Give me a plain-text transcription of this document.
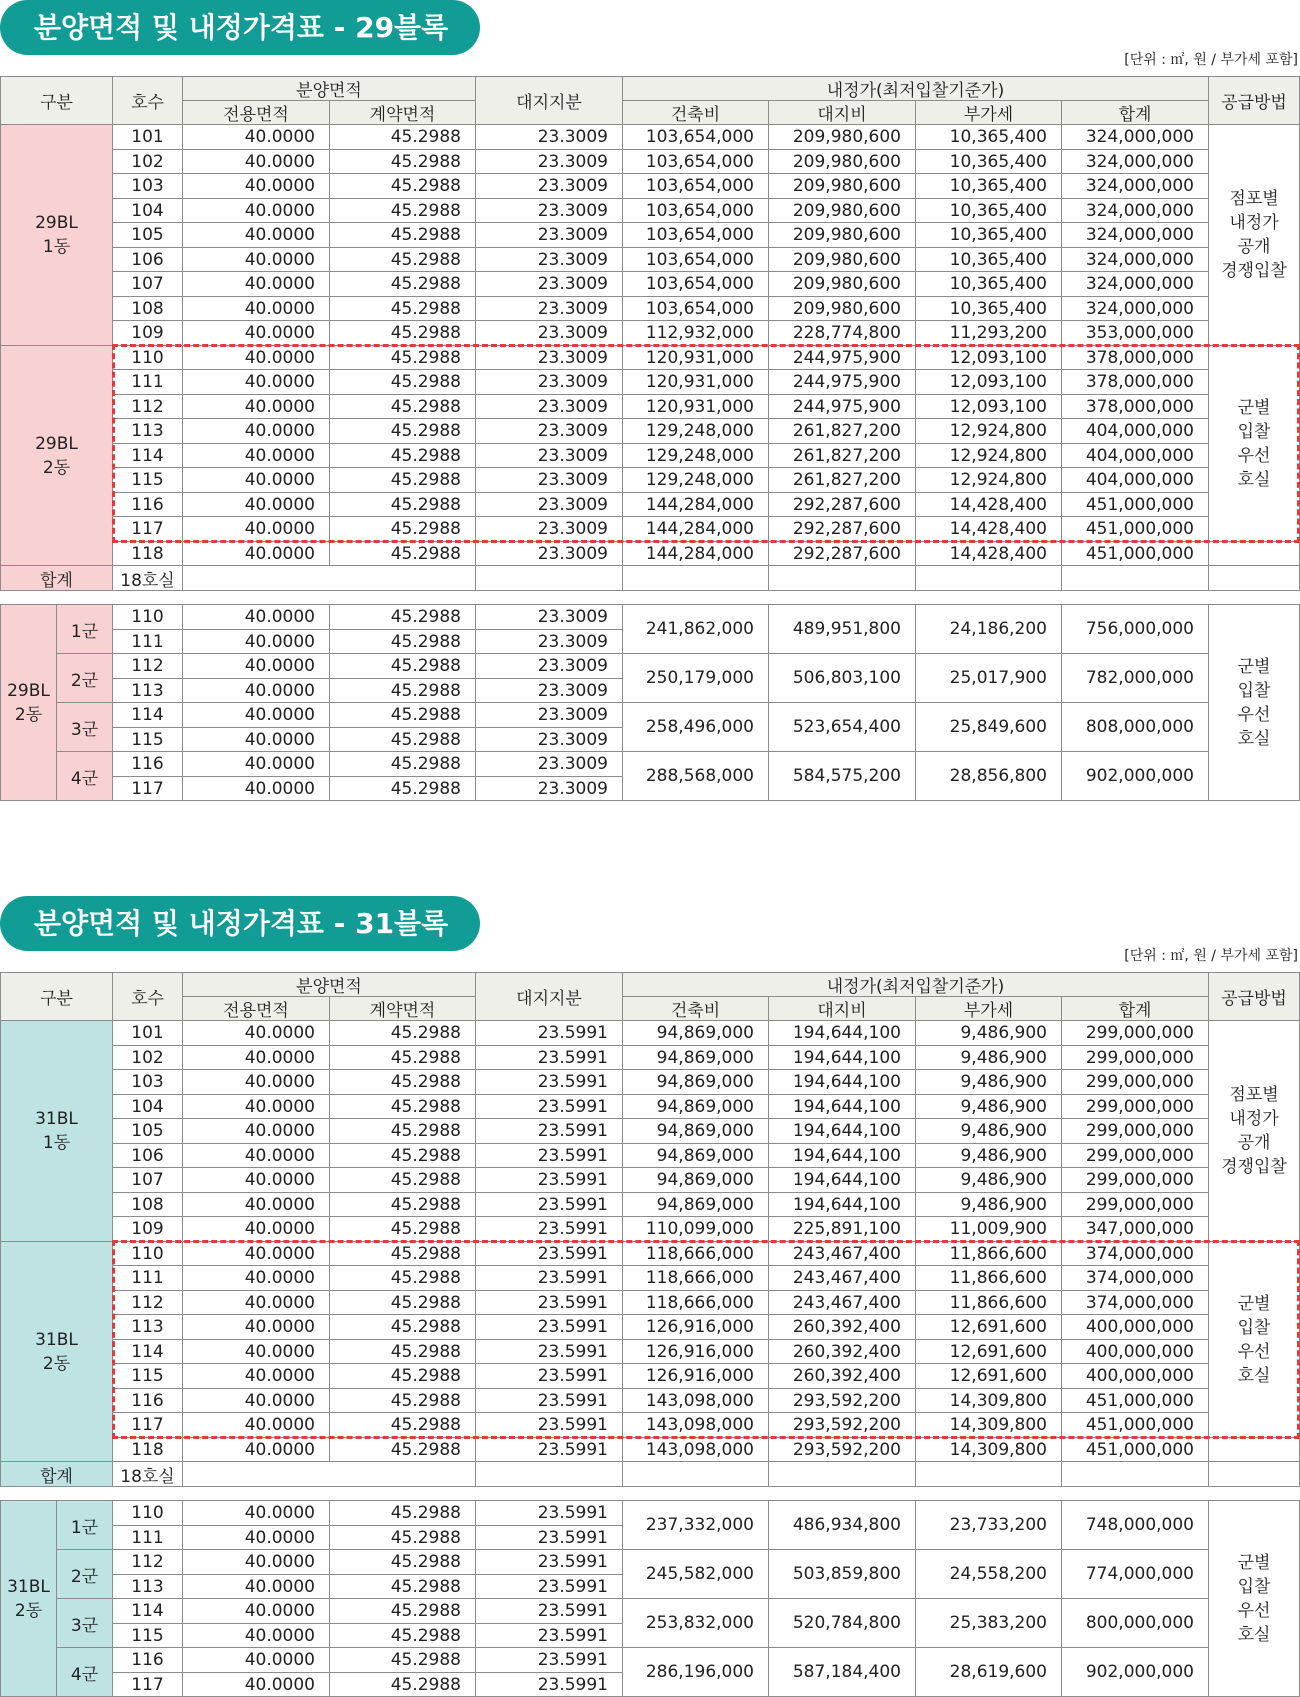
분양면적 및 내정가격표 - 29블록
[단위 : ㎡, 원 / 부가세 포함]
구분	호수
분양면적
전용면적	계약면적
대지지분
내정가(최저입찰기준가)
건축비	대지비	부가세	합계
공급방법
101	40.0000	45.2988	23.3009	103,654,000	209,980,600	10,365,400	324,000,000
102	40.0000	45.2988	23.3009	103,654,000	209,980,600	10,365,400	324,000,000
103	40.0000	45.2988	23.3009	103,654,000	209,980,600	10,365,400	324,000,000
104	40.0000	45.2988	23.3009	103,654,000	209,980,600	10,365,400	324,000,000
105	40.0000	45.2988	23.3009	103,654,000	209,980,600	10,365,400	324,000,000
106	40.0000	45.2988	23.3009	103,654,000	209,980,600	10,365,400	324,000,000
107	40.0000	45.2988	23.3009	103,654,000	209,980,600	10,365,400	324,000,000
108	40.0000	45.2988	23.3009	103,654,000	209,980,600	10,365,400	324,000,000
109	40.0000	45.2988	23.3009	112,932,000	228,774,800	11,293,200	353,000,000
110	40.0000	45.2988	23.3009	120,931,000	244,975,900	12,093,100	378,000,000
111	40.0000	45.2988	23.3009	120,931,000	244,975,900	12,093,100	378,000,000
112	40.0000	45.2988	23.3009	120,931,000	244,975,900	12,093,100	378,000,000
113	40.0000	45.2988	23.3009	129,248,000	261,827,200	12,924,800	404,000,000
114	40.0000	45.2988	23.3009	129,248,000	261,827,200	12,924,800	404,000,000
115	40.0000	45.2988	23.3009	129,248,000	261,827,200	12,924,800	404,000,000
116	40.0000	45.2988	23.3009	144,284,000	292,287,600	14,428,400	451,000,000
117	40.0000	45.2988	23.3009	144,284,000	292,287,600	14,428,400	451,000,000
118	40.0000	45.2988	23.3009	144,284,000	292,287,600	14,428,400	451,000,000
29BL
1동
29BL
2동
점포별
내정가
공개
경쟁입찰
군별
입찰
우선
호실
합계	18호실
29BL
2동
1군
110	40.0000	45.2988	23.3009
111	40.0000	45.2988	23.3009
241,862,000	489,951,800	24,186,200	756,000,000
2군
112	40.0000	45.2988	23.3009
113	40.0000	45.2988	23.3009
250,179,000	506,803,100	25,017,900	782,000,000
3군
114	40.0000	45.2988	23.3009
115	40.0000	45.2988	23.3009
258,496,000	523,654,400	25,849,600	808,000,000
4군
116	40.0000	45.2988	23.3009
117	40.0000	45.2988	23.3009
288,568,000	584,575,200	28,856,800	902,000,000
군별
입찰
우선
호실
분양면적 및 내정가격표 - 31블록
[단위 : ㎡, 원 / 부가세 포함]
구분	호수
분양면적
전용면적	계약면적
대지지분
내정가(최저입찰기준가)
건축비	대지비	부가세	합계
공급방법
101	40.0000	45.2988	23.5991	94,869,000	194,644,100	9,486,900	299,000,000
102	40.0000	45.2988	23.5991	94,869,000	194,644,100	9,486,900	299,000,000
103	40.0000	45.2988	23.5991	94,869,000	194,644,100	9,486,900	299,000,000
104	40.0000	45.2988	23.5991	94,869,000	194,644,100	9,486,900	299,000,000
105	40.0000	45.2988	23.5991	94,869,000	194,644,100	9,486,900	299,000,000
106	40.0000	45.2988	23.5991	94,869,000	194,644,100	9,486,900	299,000,000
107	40.0000	45.2988	23.5991	94,869,000	194,644,100	9,486,900	299,000,000
108	40.0000	45.2988	23.5991	94,869,000	194,644,100	9,486,900	299,000,000
109	40.0000	45.2988	23.5991	110,099,000	225,891,100	11,009,900	347,000,000
110	40.0000	45.2988	23.5991	118,666,000	243,467,400	11,866,600	374,000,000
111	40.0000	45.2988	23.5991	118,666,000	243,467,400	11,866,600	374,000,000
112	40.0000	45.2988	23.5991	118,666,000	243,467,400	11,866,600	374,000,000
113	40.0000	45.2988	23.5991	126,916,000	260,392,400	12,691,600	400,000,000
114	40.0000	45.2988	23.5991	126,916,000	260,392,400	12,691,600	400,000,000
115	40.0000	45.2988	23.5991	126,916,000	260,392,400	12,691,600	400,000,000
116	40.0000	45.2988	23.5991	143,098,000	293,592,200	14,309,800	451,000,000
117	40.0000	45.2988	23.5991	143,098,000	293,592,200	14,309,800	451,000,000
118	40.0000	45.2988	23.5991	143,098,000	293,592,200	14,309,800	451,000,000
31BL
1동
31BL
2동
점포별
내정가
공개
경쟁입찰
군별
입찰
우선
호실
합계	18호실
31BL
2동
1군
110	40.0000	45.2988	23.5991
111	40.0000	45.2988	23.5991
237,332,000	486,934,800	23,733,200	748,000,000
2군
112	40.0000	45.2988	23.5991
113	40.0000	45.2988	23.5991
245,582,000	503,859,800	24,558,200	774,000,000
3군
114	40.0000	45.2988	23.5991
115	40.0000	45.2988	23.5991
253,832,000	520,784,800	25,383,200	800,000,000
4군
116	40.0000	45.2988	23.5991
117	40.0000	45.2988	23.5991
286,196,000	587,184,400	28,619,600	902,000,000
군별
입찰
우선
호실
